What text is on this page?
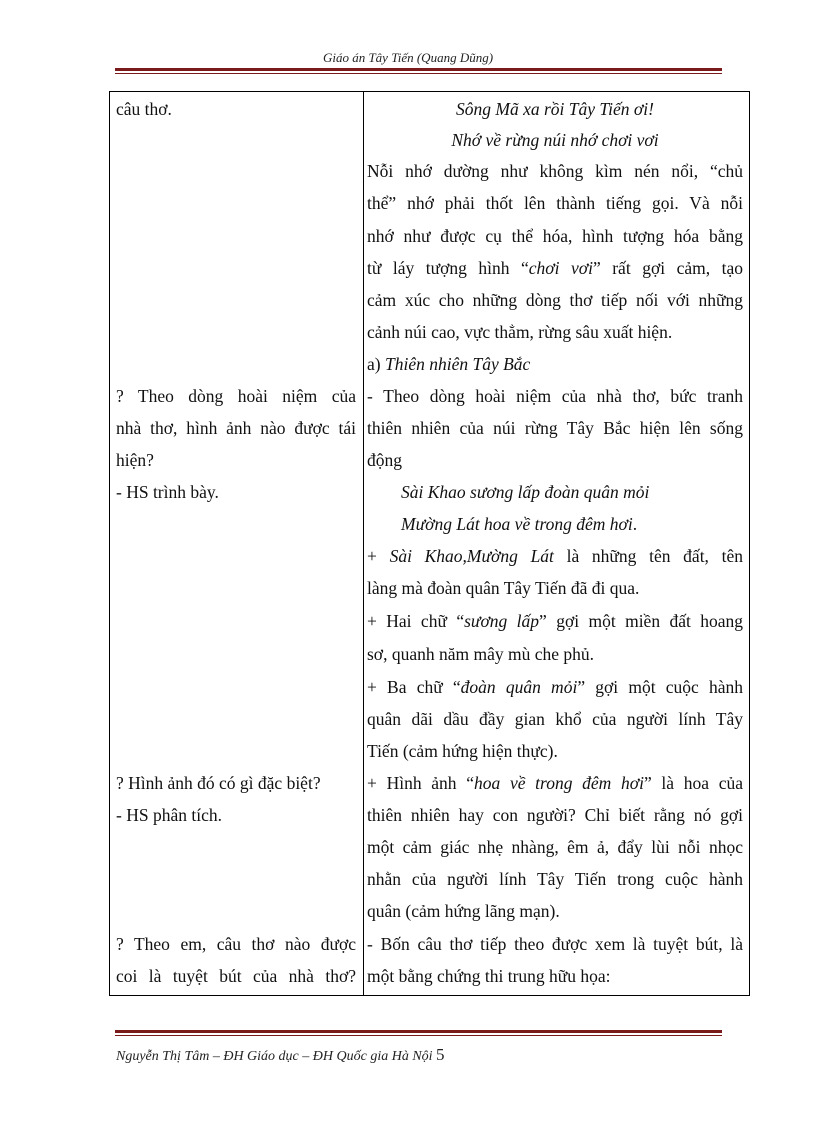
Giáo án Tây Tiến (Quang Dũng)
câu thơ.
? Theo dòng hoài niệm của
nhà thơ, hình ảnh nào được tái
hiện?
- HS trình bày.
? Hình ảnh đó có gì đặc biệt?
- HS phân tích.
? Theo em, câu thơ nào được
coi là tuyệt bút của nhà thơ?
Sông Mã xa rồi Tây Tiến ơi!
Nhớ về rừng núi nhớ chơi vơi
Nỗi nhớ dường như không kìm nén nổi, “chủ
thể” nhớ phải thốt lên thành tiếng gọi. Và nỗi
nhớ như được cụ thể hóa, hình tượng hóa bằng
từ láy tượng hình “chơi vơi” rất gợi cảm, tạo
cảm xúc cho những dòng thơ tiếp nối với những
cảnh núi cao, vực thẳm, rừng sâu xuất hiện.
a) Thiên nhiên Tây Bắc
- Theo dòng hoài niệm của nhà thơ, bức tranh
thiên nhiên của núi rừng Tây Bắc hiện lên sống
động
Sài Khao sương lấp đoàn quân mỏi
Mường Lát hoa về trong đêm hơi.
+ Sài Khao,Mường Lát là những tên đất, tên
làng mà đoàn quân Tây Tiến đã đi qua.
+ Hai chữ “sương lấp” gợi một miền đất hoang
sơ, quanh năm mây mù che phủ.
+ Ba chữ “đoàn quân mỏi” gợi một cuộc hành
quân dãi dầu đầy gian khổ của người lính Tây
Tiến (cảm hứng hiện thực).
+ Hình ảnh “hoa về trong đêm hơi” là hoa của
thiên nhiên hay con người? Chỉ biết rằng nó gợi
một cảm giác nhẹ nhàng, êm ả, đẩy lùi nỗi nhọc
nhằn của người lính Tây Tiến trong cuộc hành
quân (cảm hứng lãng mạn).
- Bốn câu thơ tiếp theo được xem là tuyệt bút, là
một bằng chứng thi trung hữu họa:
Nguyễn Thị Tâm – ĐH Giáo dục – ĐH Quốc gia Hà Nội 5
